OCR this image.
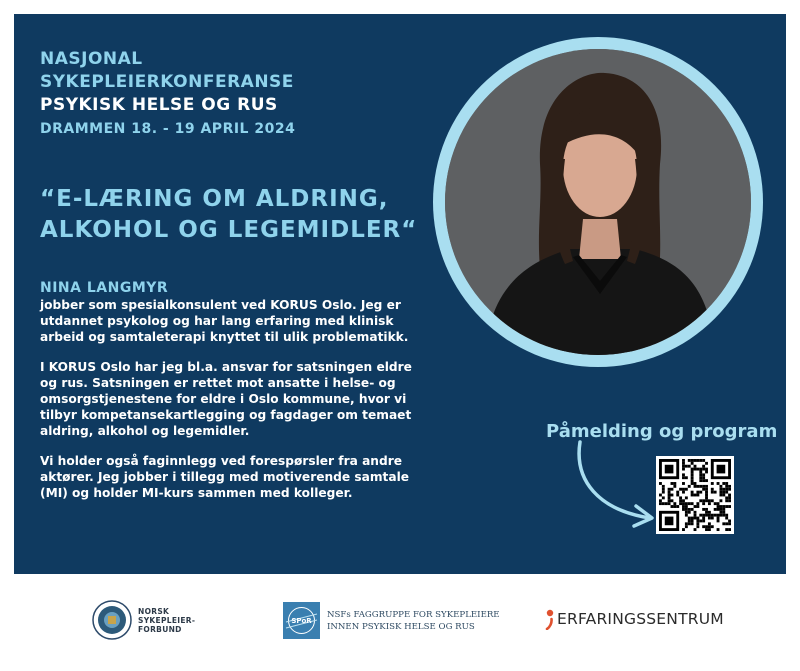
NASJONAL
SYKEPLEIERKONFERANSE
PSYKISK HELSE OG RUS
DRAMMEN 18. - 19 APRIL 2024
“E-LÆRING OM ALDRING,
ALKOHOL OG LEGEMIDLER“
NINA LANGMYR

jobber som spesialkonsulent ved KORUS Oslo. Jeg er utdannet psykolog og har lang erfaring med klinisk arbeid og samtaleterapi knyttet til ulik problematikk.

I KORUS Oslo har jeg bl.a. ansvar for satsningen eldre og rus. Satsningen er rettet mot ansatte i helse- og omsorgstjenestene for eldre i Oslo kommune, hvor vi tilbyr kompetansekartlegging og fagdager om temaet aldring, alkohol og legemidler.

Vi holder også faginnlegg ved forespørsler fra andre aktører. Jeg jobber i tillegg med motiverende samtale (MI) og holder MI-kurs sammen med kolleger.

Påmelding og program
NORSK
SYKEPLEIER-
FORBUND
SPoR
NSFs FAGGRUPPE FOR SYKEPLEIERE
INNEN PSYKISK HELSE OG RUS	ERFARINGSSENTRUM
